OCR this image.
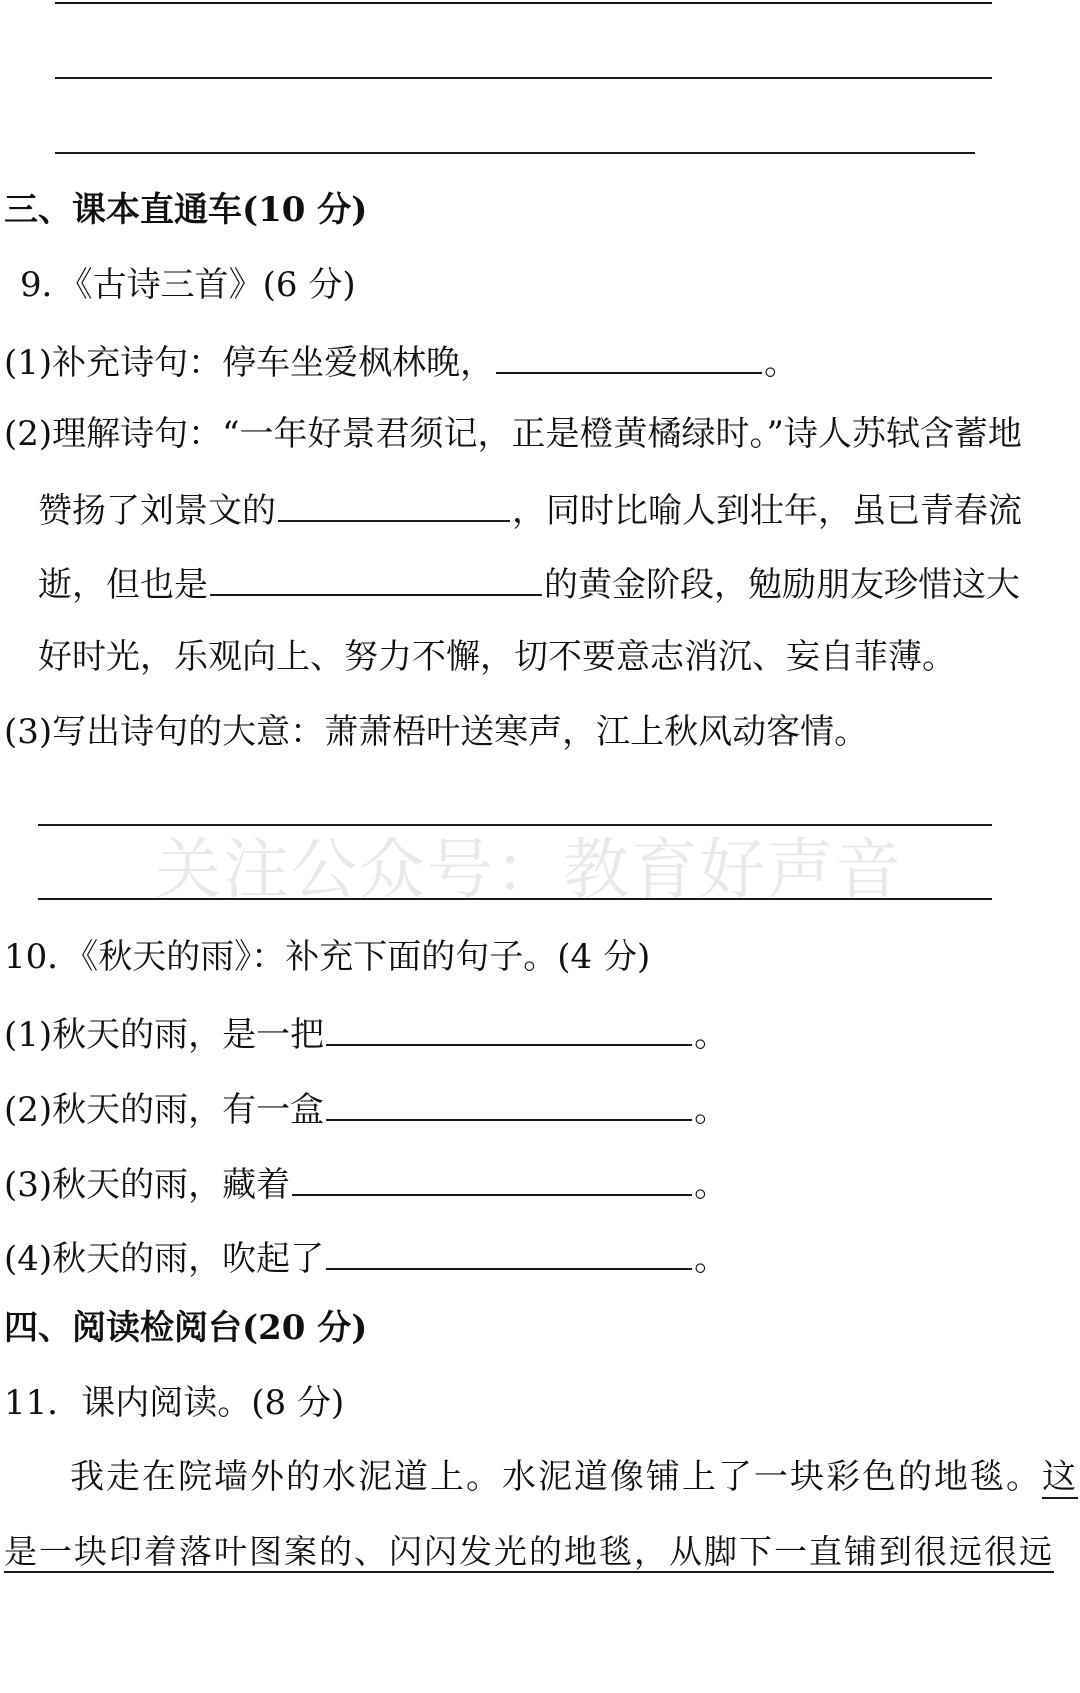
三、课本直通车(10 分)
9．《古诗三首》(6 分)
(1)补充诗句：停车坐爱枫林晚，	。
(2)理解诗句：“一年好景君须记，正是橙黄橘绿时。”诗人苏轼含蓄地
赞扬了刘景文的	，同时比喻人到壮年，虽已青春流
逝，但也是	的黄金阶段，勉励朋友珍惜这大
好时光，乐观向上、努力不懈，切不要意志消沉、妄自菲薄。
(3)写出诗句的大意：萧萧梧叶送寒声，江上秋风动客情。
关注公众号：教育好声音
10．《秋天的雨》：补充下面的句子。(4 分)
(1)秋天的雨，是一把	。
(2)秋天的雨，有一盒	。
(3)秋天的雨，藏着	。
(4)秋天的雨，吹起了	。
四、阅读检阅台(20 分)
11．课内阅读。(8 分)
我走在院墙外的水泥道上。水泥道像铺上了一块彩色的地毯。这
是一块印着落叶图案的、闪闪发光的地毯，从脚下一直铺到很远很远
